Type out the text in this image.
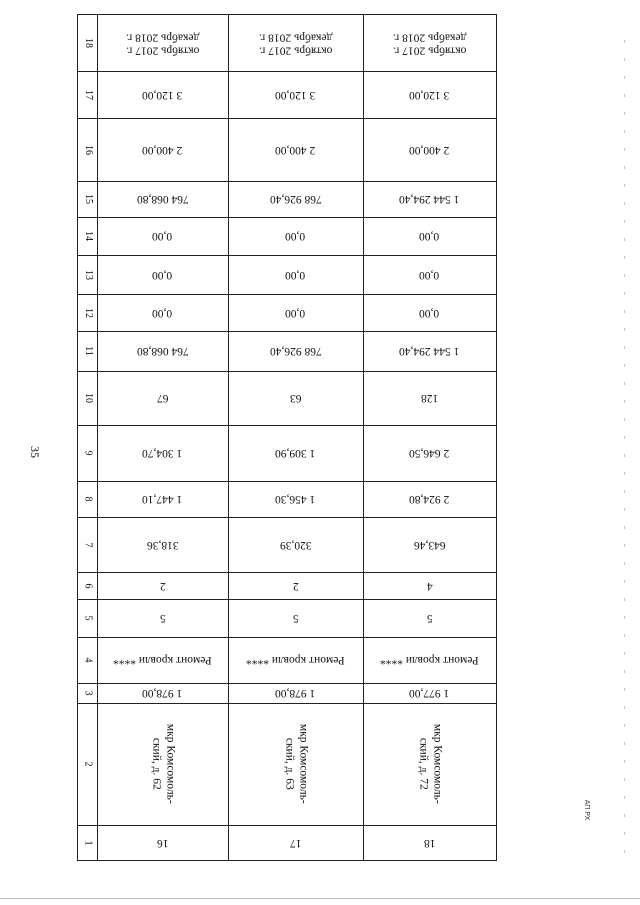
35
1
2
3
4
5
6
7
8
9
10
11
12
13
14
15
16
17
18
16
мкр Комсомоль-
ский, д. 62
1 978,00
Ремонт кровли ****
5
2
318,36
1 447,10
1 304,70
67
764 068,80
0,00
0,00
0,00
764 068,80
2 400,00
3 120,00
октябрь 2017 г.
декабрь 2018 г.
17
мкр Комсомоль-
ский, д. 63
1 978,00
Ремонт кровли ****
5
2
320,39
1 456,30
1 309,90
63
768 926,40
0,00
0,00
0,00
768 926,40
2 400,00
3 120,00
октябрь 2017 г.
декабрь 2018 г.
18
мкр Комсомоль-
ский, д. 72
1 977,00
Ремонт кровли ****
5
4
643,46
2 924,80
2 646,50
128
1 544 294,40
0,00
0,00
0,00
1 544 294,40
2 400,00
3 120,00
октябрь 2017 г.
декабрь 2018 г.
АП РХ
